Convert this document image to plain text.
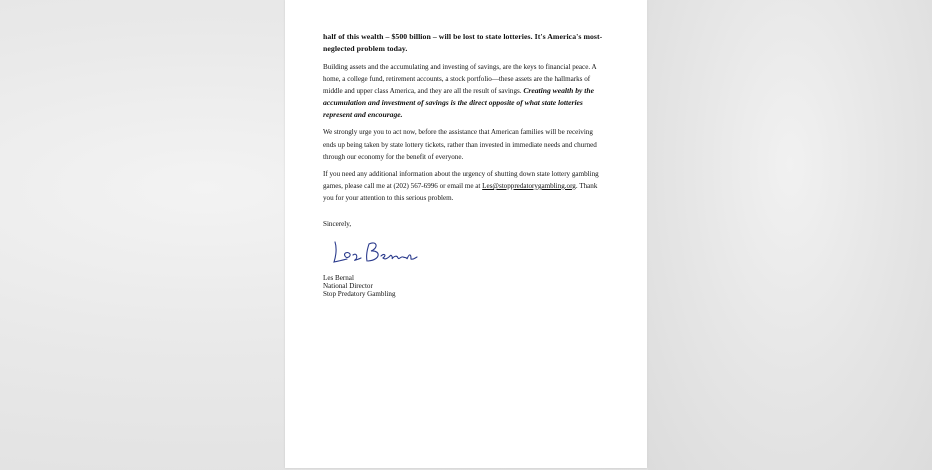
half of this wealth – $500 billion – will be lost to state lotteries. It's America's most-neglected problem today.

Building assets and the accumulating and investing of savings, are the keys to financial peace. A home, a college fund, retirement accounts, a stock portfolio—these assets are the hallmarks of middle and upper class America, and they are all the result of savings. Creating wealth by the accumulation and investment of savings is the direct opposite of what state lotteries represent and encourage.

We strongly urge you to act now, before the assistance that American families will be receiving ends up being taken by state lottery tickets, rather than invested in immediate needs and churned through our economy for the benefit of everyone.

If you need any additional information about the urgency of shutting down state lottery gambling games, please call me at (202) 567-6996 or email me at Les@stoppredatorygambling.org. Thank you for your attention to this serious problem.

Sincerely,
Les Bernal
National Director
Stop Predatory Gambling
